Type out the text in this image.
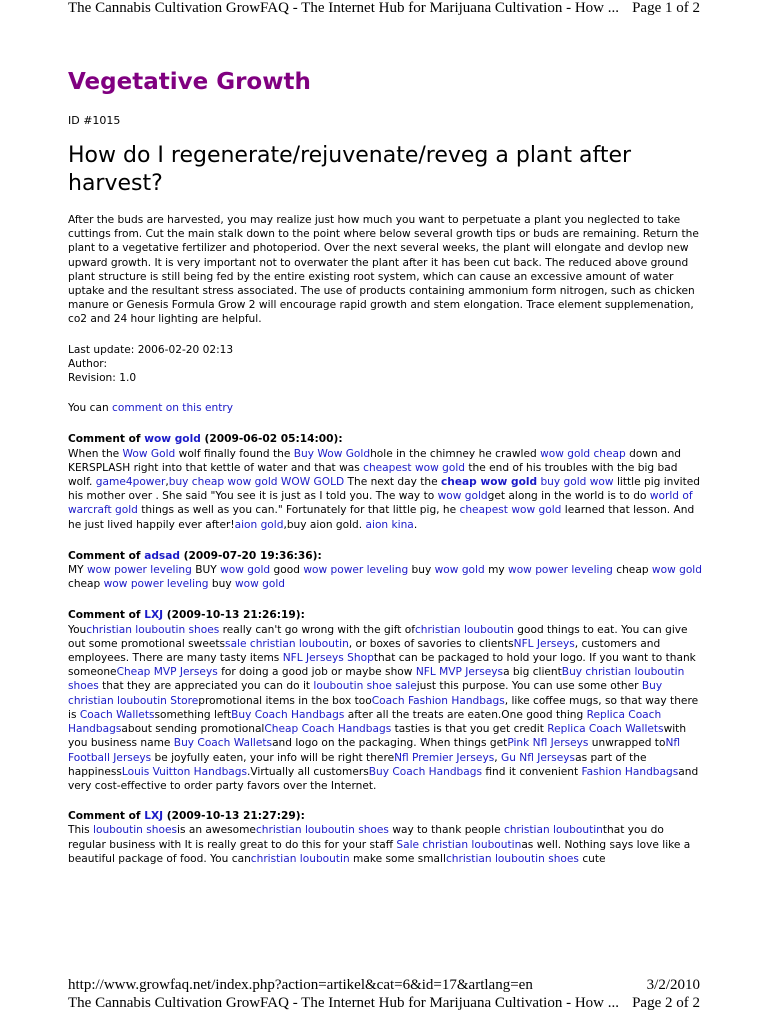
The Cannabis Cultivation GrowFAQ - The Internet Hub for Marijuana Cultivation - How ... Page 1 of 2
Vegetative Growth
ID #1015
How do I regenerate/rejuvenate/reveg a plant after harvest?

After the buds are harvested, you may realize just how much you want to perpetuate a plant you neglected to take cuttings from. Cut the main stalk down to the point where below several growth tips or buds are remaining. Return the plant to a vegetative fertilizer and photoperiod. Over the next several weeks, the plant will elongate and devlop new upward growth. It is very important not to overwater the plant after it has been cut back. The reduced above ground plant structure is still being fed by the entire existing root system, which can cause an excessive amount of water uptake and the resultant stress associated. The use of products containing ammonium form nitrogen, such as chicken manure or Genesis Formula Grow 2 will encourage rapid growth and stem elongation. Trace element supplemenation, co2 and 24 hour lighting are helpful.

Last update: 2006-02-20 02:13
Author:
Revision: 1.0
You can comment on this entry
Comment of wow gold (2009-06-02 05:14:00):
When the Wow Gold wolf finally found the Buy Wow Goldhole in the chimney he crawled wow gold cheap down and KERSPLASH right into that kettle of water and that was cheapest wow gold the end of his troubles with the big bad wolf. game4power,buy cheap wow gold WOW GOLD The next day the cheap wow gold buy gold wow little pig invited his mother over . She said "You see it is just as I told you. The way to wow goldget along in the world is to do world of warcraft gold things as well as you can." Fortunately for that little pig, he cheapest wow gold learned that lesson. And he just lived happily ever after!aion gold,buy aion gold. aion kina.
Comment of adsad (2009-07-20 19:36:36):
MY wow power leveling BUY wow gold good wow power leveling buy wow gold my wow power leveling cheap wow gold cheap wow power leveling buy wow gold
Comment of LXJ (2009-10-13 21:26:19):
Youchristian louboutin shoes really can't go wrong with the gift ofchristian louboutin good things to eat. You can give out some promotional sweetssale christian louboutin, or boxes of savories to clientsNFL Jerseys, customers and employees. There are many tasty items NFL Jerseys Shopthat can be packaged to hold your logo. If you want to thank someoneCheap MVP Jerseys for doing a good job or maybe show NFL MVP Jerseysa big clientBuy christian louboutin shoes that they are appreciated you can do it louboutin shoe salejust this purpose. You can use some other Buy christian louboutin Storepromotional items in the box tooCoach Fashion Handbags, like coffee mugs, so that way there is Coach Walletssomething leftBuy Coach Handbags after all the treats are eaten.One good thing Replica Coach Handbagsabout sending promotionalCheap Coach Handbags tasties is that you get credit Replica Coach Walletswith you business name Buy Coach Walletsand logo on the packaging. When things getPink Nfl Jerseys unwrapped toNfl Football Jerseys be joyfully eaten, your info will be right thereNfl Premier Jerseys, Gu Nfl Jerseysas part of the happinessLouis Vuitton Handbags.Virtually all customersBuy Coach Handbags find it convenient Fashion Handbagsand very cost-effective to order party favors over the Internet.
Comment of LXJ (2009-10-13 21:27:29):
This louboutin shoesis an awesomechristian louboutin shoes way to thank people christian louboutinthat you do regular business with It is really great to do this for your staff Sale christian louboutinas well. Nothing says love like a beautiful package of food. You canchristian louboutin make some smallchristian louboutin shoes cute
http://www.growfaq.net/index.php?action=artikel&cat=6&id=17&artlang=en	3/2/2010
The Cannabis Cultivation GrowFAQ - The Internet Hub for Marijuana Cultivation - How ... Page 2 of 2
